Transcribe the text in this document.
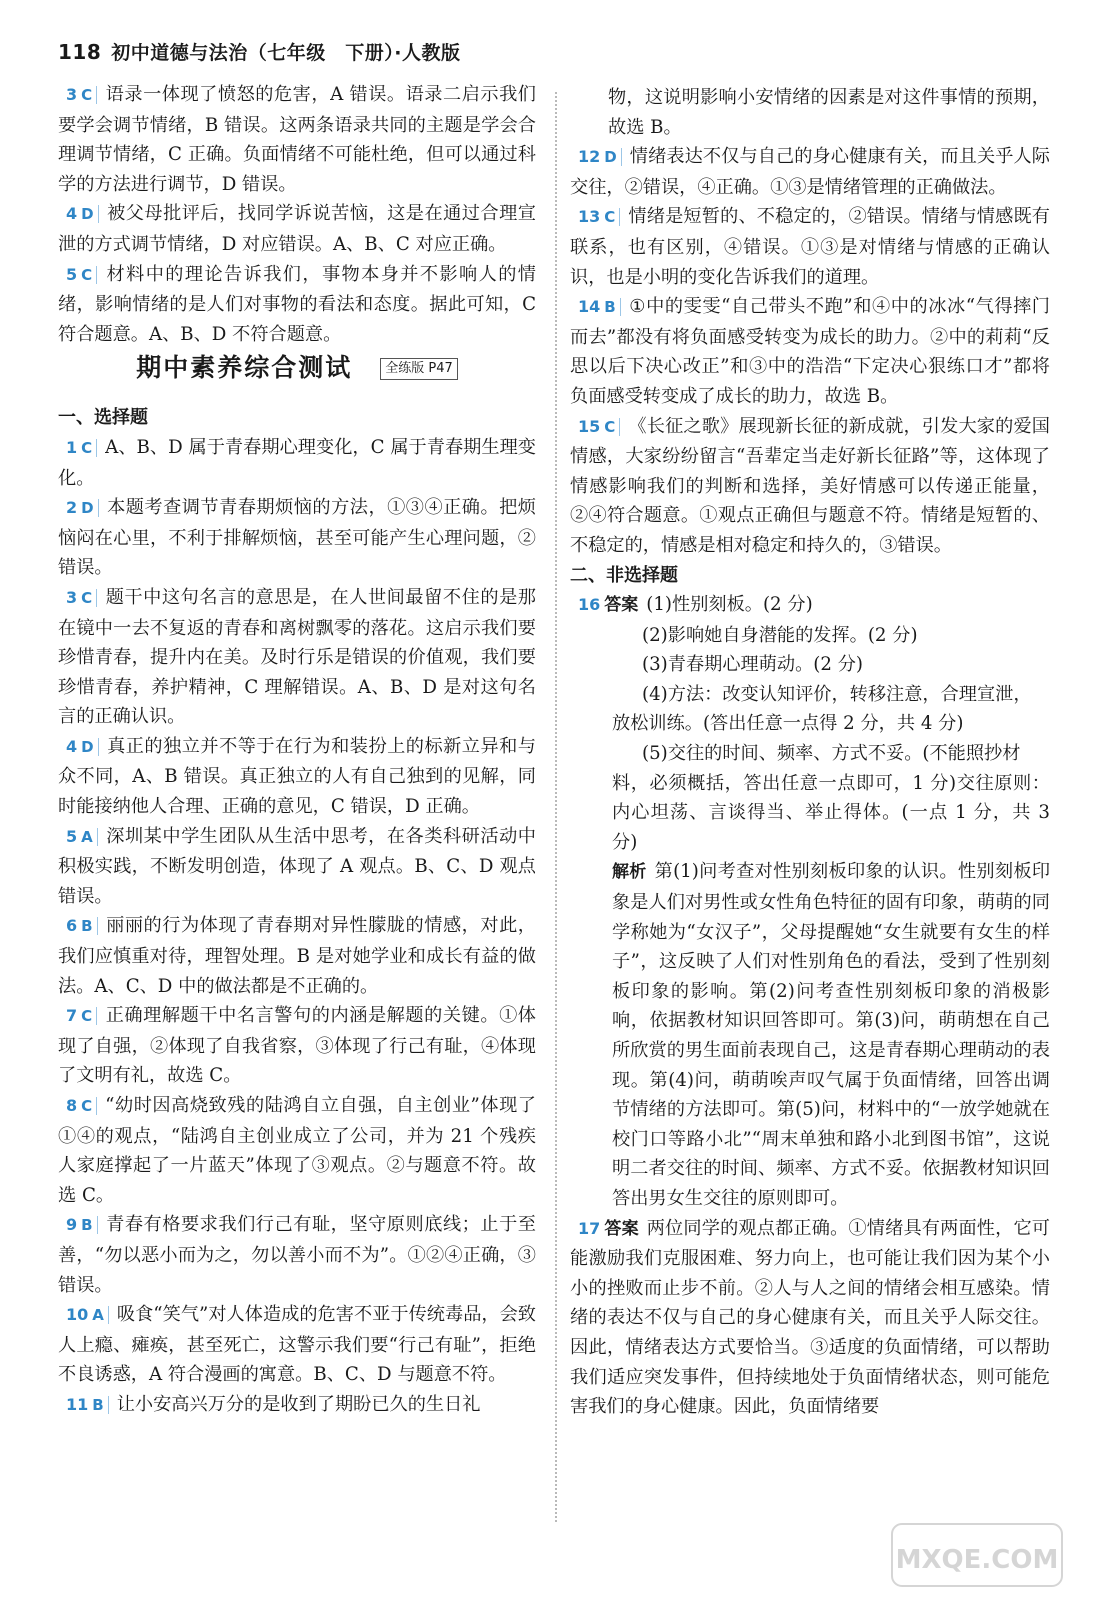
118 初中道德与法治（七年级　下册）·人教版
3 C 语录一体现了愤怒的危害，A 错误。语录二启示我们要学会调节情绪，B 错误。这两条语录共同的主题是学会合理调节情绪，C 正确。负面情绪不可能杜绝，但可以通过科学的方法进行调节，D 错误。
4 D 被父母批评后，找同学诉说苦恼，这是在通过合理宣泄的方式调节情绪，D 对应错误。A、B、C 对应正确。
5 C 材料中的理论告诉我们，事物本身并不影响人的情绪，影响情绪的是人们对事物的看法和态度。据此可知，C 符合题意。A、B、D 不符合题意。
期中素养综合测试	全练版 P47
一、选择题
1 C A、B、D 属于青春期心理变化，C 属于青春期生理变化。
2 D 本题考查调节青春期烦恼的方法，①③④正确。把烦恼闷在心里，不利于排解烦恼，甚至可能产生心理问题，②错误。
3 C 题干中这句名言的意思是，在人世间最留不住的是那在镜中一去不复返的青春和离树飘零的落花。这启示我们要珍惜青春，提升内在美。及时行乐是错误的价值观，我们要珍惜青春，养护精神，C 理解错误。A、B、D 是对这句名言的正确认识。
4 D 真正的独立并不等于在行为和装扮上的标新立异和与众不同，A、B 错误。真正独立的人有自己独到的见解，同时能接纳他人合理、正确的意见，C 错误，D 正确。
5 A 深圳某中学生团队从生活中思考，在各类科研活动中积极实践，不断发明创造，体现了 A 观点。B、C、D 观点错误。
6 B 丽丽的行为体现了青春期对异性朦胧的情感，对此，我们应慎重对待，理智处理。B 是对她学业和成长有益的做法。A、C、D 中的做法都是不正确的。
7 C 正确理解题干中名言警句的内涵是解题的关键。①体现了自强，②体现了自我省察，③体现了行己有耻，④体现了文明有礼，故选 C。
8 C “幼时因高烧致残的陆鸿自立自强，自主创业”体现了①④的观点，“陆鸿自主创业成立了公司，并为 21 个残疾人家庭撑起了一片蓝天”体现了③观点。②与题意不符。故选 C。
9 B 青春有格要求我们行己有耻，坚守原则底线；止于至善，“勿以恶小而为之，勿以善小而不为”。①②④正确，③错误。
10 A 吸食“笑气”对人体造成的危害不亚于传统毒品，会致人上瘾、瘫痪，甚至死亡，这警示我们要“行己有耻”，拒绝不良诱惑，A 符合漫画的寓意。B、C、D 与题意不符。
11 B 让小安高兴万分的是收到了期盼已久的生日礼
物，这说明影响小安情绪的因素是对这件事情的预期，故选 B。
12 D 情绪表达不仅与自己的身心健康有关，而且关乎人际交往，②错误，④正确。①③是情绪管理的正确做法。
13 C 情绪是短暂的、不稳定的，②错误。情绪与情感既有联系，也有区别，④错误。①③是对情绪与情感的正确认识，也是小明的变化告诉我们的道理。
14 B ①中的雯雯“自己带头不跑”和④中的冰冰“气得摔门而去”都没有将负面感受转变为成长的助力。②中的莉莉“反思以后下决心改正”和③中的浩浩“下定决心狠练口才”都将负面感受转变成了成长的助力，故选 B。
15 C 《长征之歌》展现新长征的新成就，引发大家的爱国情感，大家纷纷留言“吾辈定当走好新长征路”等，这体现了情感影响我们的判断和选择，美好情感可以传递正能量，②④符合题意。①观点正确但与题意不符。情绪是短暂的、不稳定的，情感是相对稳定和持久的，③错误。
二、非选择题
16 答案 (1)性别刻板。(2 分)
(2)影响她自身潜能的发挥。(2 分)
(3)青春期心理萌动。(2 分)
(4)方法：改变认知评价，转移注意，合理宣泄，
放松训练。(答出任意一点得 2 分，共 4 分)
(5)交往的时间、频率、方式不妥。(不能照抄材
料，必须概括，答出任意一点即可，1 分)交往原则：内心坦荡、言谈得当、举止得体。(一点 1 分，共 3 分)
解析 第(1)问考查对性别刻板印象的认识。性别刻板印象是人们对男性或女性角色特征的固有印象，萌萌的同学称她为“女汉子”，父母提醒她“女生就要有女生的样子”，这反映了人们对性别角色的看法，受到了性别刻板印象的影响。第(2)问考查性别刻板印象的消极影响，依据教材知识回答即可。第(3)问，萌萌想在自己所欣赏的男生面前表现自己，这是青春期心理萌动的表现。第(4)问，萌萌唉声叹气属于负面情绪，回答出调节情绪的方法即可。第(5)问，材料中的“一放学她就在校门口等路小北”“周末单独和路小北到图书馆”，这说明二者交往的时间、频率、方式不妥。依据教材知识回答出男女生交往的原则即可。
17 答案 两位同学的观点都正确。①情绪具有两面性，它可能激励我们克服困难、努力向上，也可能让我们因为某个小小的挫败而止步不前。②人与人之间的情绪会相互感染。情绪的表达不仅与自己的身心健康有关，而且关乎人际交往。因此，情绪表达方式要恰当。③适度的负面情绪，可以帮助我们适应突发事件，但持续地处于负面情绪状态，则可能危害我们的身心健康。因此，负面情绪要
MXQE.COM
